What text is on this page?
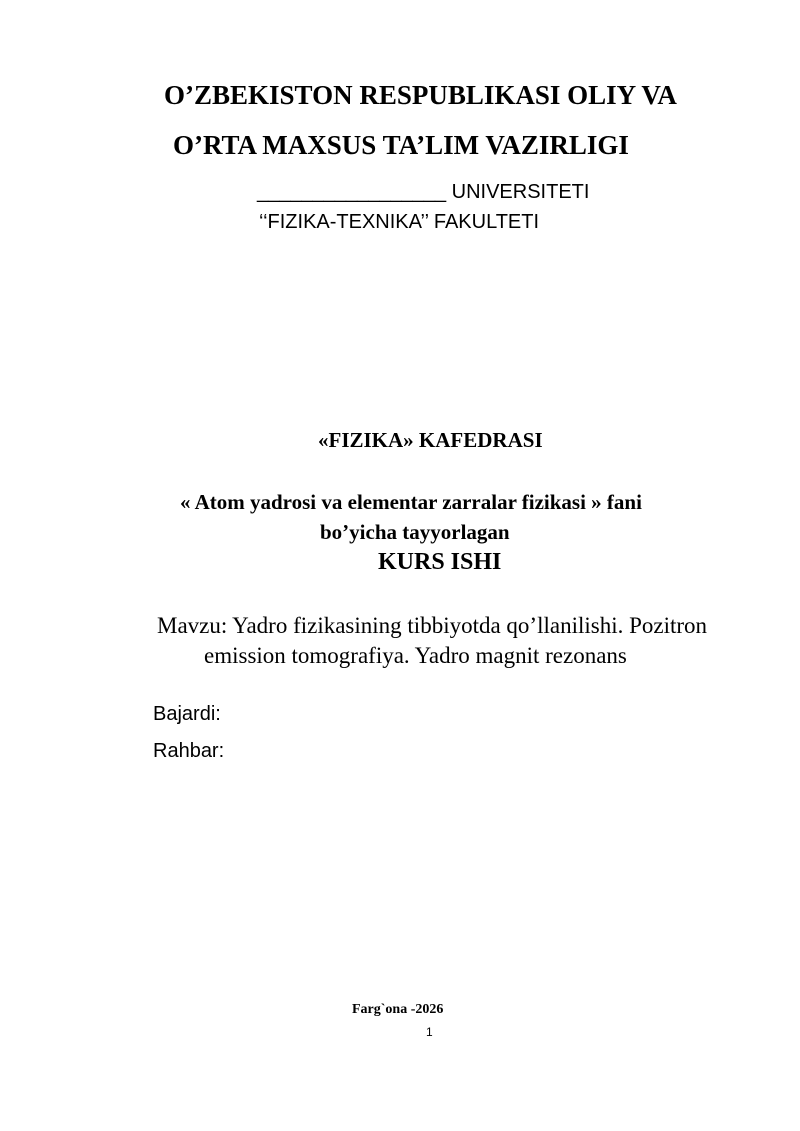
O’ZBEKISTON RESPUBLIKASI OLIY VA
O’RTA MAXSUS TA’LIM VAZIRLIGI
_________________ UNIVERSITETI
‘‘FIZIKA-TEXNIKA’’ FAKULTETI
«FIZIKA» KAFEDRASI
« Atom yadrosi va elementar zarralar fizikasi » fani
bo’yicha tayyorlagan
KURS ISHI
Mavzu: Yadro fizikasining tibbiyotda qo’llanilishi. Pozitron
emission tomografiya. Yadro magnit rezonans
Bajardi:
Rahbar:
Farg`ona -2026
1
